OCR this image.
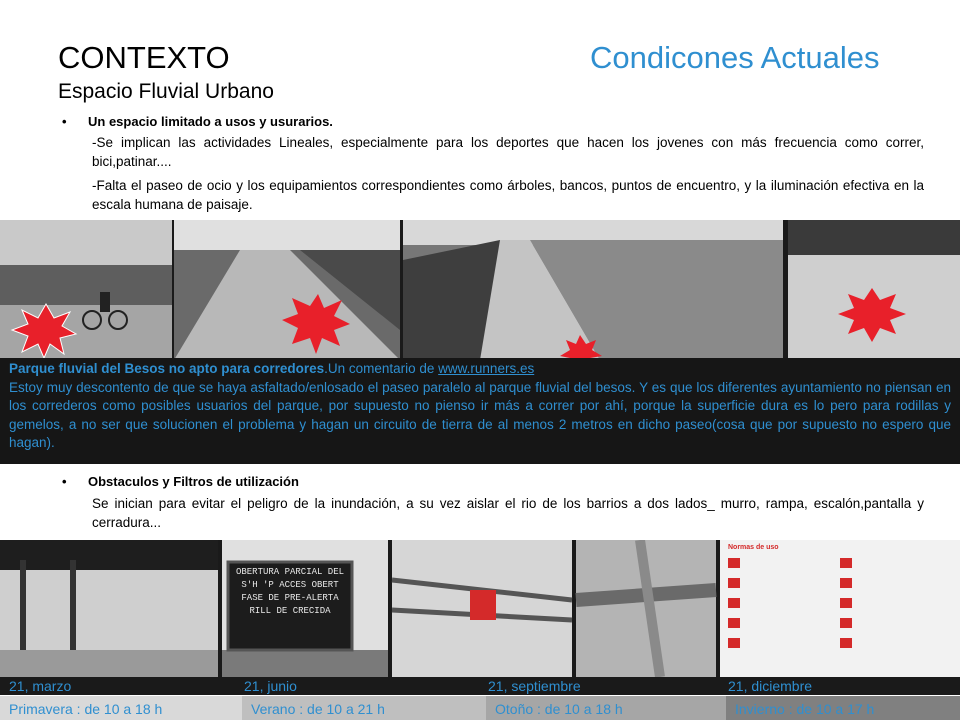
CONTEXTO	Condicones Actuales
Espacio Fluvial Urbano
• Un espacio limitado a usos y usurarios.
-Se implican las actividades Lineales, especialmente para los deportes que hacen los jovenes con más frecuencia como correr, bici,patinar....
-Falta el paseo de ocio y los equipamientos correspondientes como árboles, bancos, puntos de encuentro, y la iluminación efectiva en la escala humana de paisaje.
Parque fluvial del Besos no apto para corredores.Un comentario de www.runners.es
Estoy muy descontento de que se haya asfaltado/enlosado el paseo paralelo al parque fluvial del besos. Y es que los diferentes ayuntamiento no piensan en los correderos como posibles usuarios del parque, por supuesto no pienso ir más a correr por ahí, porque la superficie dura es lo pero para rodillas y gemelos, a no ser que solucionen el problema y hagan un circuito de tierra de al menos 2 metros en dicho paseo(cosa que por supuesto no espero que hagan).
• Obstaculos y Filtros de utilización
Se inician para evitar el peligro de la inundación, a su vez aislar el rio de los barrios a dos lados_ murro, rampa, escalón,pantalla y cerradura...
OBERTURA PARCIAL DEL S'H 'P ACCES OBERT FASE DE PRE-ALERTA RILL DE CRECIDA
Normas de uso
21, marzo	21, junio	21, septiembre	21, diciembre
Primavera : de 10 a 18 h	Verano : de 10 a 21 h	Otoño : de 10 a 18 h	Invierno : de 10 a 17 h
